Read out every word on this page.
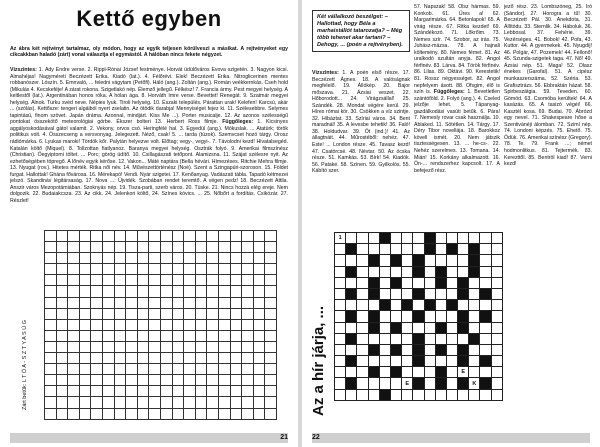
Kettő egyben
Az ábra két rejtvényt tartalmaz, oly módon, hogy az egyik teljesen körülveszi a másikat. A rejtvényeket egy cikcakkban haladó (zárt) vonal választja el egymástól. A hálóban nincs fekete négyzet.
Vízszintes: 1. Ády Endre verse. 2. Rippl-Rónai József festménye. Horvát üdülőváros Évova szigetén. 3. Nagyon kicsi. Almahéjas! Nagyméreti Beczézett Erika. Kiadó (lat.). 4. Félőrévi. Elek! Beczézett Erika. Nitroglicerinen mentes robbanószer. Lószín. 5. Emnvaló, ... feledni vágytam (Petőfi). Háló (ang.). Zoltán (ang.). Román veékkernkás. Cseh hold (Mikulás 4. Kecskeféje! A zárat rokona. Szigetlakó nép. Élemző jellegű. Félkész! 7. Francia ármy. Pest megyei helység. A keltlestől (lat.). Argentinában honos róka. A hólan ága. 8. Horváth Imre verse. Bevettet! Renegát. 9. Szatmár megyei helység. Álnok. Turku svéd neve. Népies lyuk. Tiroli helység. 10. Északi település. Párattan urak! Kelefen! Karcsú, akár ... (szólás). Kettősze: tengeri algáiból nyert zselatin. Az ötödik darabja! Mennyiséget fejez ki. 11. Szélesebbre. Selymes tapintású, finom szövet. Japán dráma. Azonnal, mindjárt. Kiss Me ...). Porter musicalje. 12. Az azonos szélességű pontokat összekötő meteorológiai görbe. Ékszer bolteri 13. Herbert Ross filmje. Függőleges: 1. Kicsinyes aggályoskodásával gátol valamit. 2. Vekony, orvos csó. Heringfélé hal. 3. Egyedül (ang.). Mókuslak. ... Atatürk; török politikus volt. 4. Összecseng a versvonyag. Jelegezett. Néző, csak! 5. ... tarda (túzok). Szemvcset hozó tárgy. Orosz rádiómárka. 6. Lyukas maroki! Tördök kőr. Palytán helyezve volt. Előtag; vegy-, vegyi-. 7. Távolodni kezd! Hivatalsegéd. Katalán költő (Miquel). 8. Tollzottan fiatlyanoz. Baranya megyei helység. Osztrák folyó. 9. Amerikai filmszínész (Christian). Őegyiptomi töltet. ... Porc; görög üdítő. 10. Csillagászati tetőpont. Alamizsna. 11. Szájat szélesre nyit. Az ezhetőségében töpregő. A lőnév egyik kérőse. 12. Vakon... Máté naptára (Bella hévári. Hímezéses. Ritchie Mehra filmje. 13. Nyugat (rov.). Hitetes mérték. Ritka női név. 14. Művészettörténész (Noé). Szent a Szingapúri-szoroson. 15. Földet furgat. Hallottak! Ghána fővárosa. 16. Mérekapó! Vendi. Nyár szigetei. 17. Kenőanyag. Vadászati tábla. Tapadó kétmezei jelszó. Skandináv légitársaság. 17. Nova ...: Újvidék. Szobában rendet teremtő. A végen pedz! 18. Beczézett Attila. Anszir város Mezopotámiában. Szoknyás nép. 19. Tisza-parti, szerb város. 20. Tüske. 21. Nincs hozzá elég ereje. Nem dolgozik. 22. Budaiakcsza. 23. Az cikk. 24. Jelenkori költő, 24. Színes kóvics. ... 25. Nőbőrt a fordítás. Csikózár. 27. Részlet!
Zárt betűk: L T Ó A - S Z T Y A S Ú G

21
Két vállalkozó beszélget: – Hallottad, hogy Béla a marhaistállót tatarozatja? – Még több tehenet akar tartani? – Dehogy, ... (poén a rejtvényben).
Vízszintes: 1. A poén első része. 17. Beczézett Ágnes. 18. A valóságnak megfelelő. 19. Állókép. 20. Bajor mőszava. 21. Ázsiai veszet. 22. Hőborodott... 24. Virágzsállal! 25. Szándék. 28. Mondat végére kerül. 29. Híres római kör. 30. Csökken a víz szintje. 32. Híbáztat. 33. Szíriai város. 34. Bent maradnál! 35. A levesbe tehetik! 36. Faló! 38. Holdudvar. 39. Öt (ind.)! 41. Az állagtnáit. 44. Műrostéből: nehéz. 47. Este! ... London része. 45. Tavasz kezd! 47. Csatórcsé. 48. Névtar. 50. Az ócska része. 51. Kamkás. 53. Bírk! 54. Kiadók. 56. Pataké. 58. Színen. 59. Gyilkolós. 55. Kábító szer.
57. Napszak! 58. Olsz hármas. 59. Konkob. 61. Üres a! 62. Margarimárka. 64. Betonlapok! 65. A virág része. 67. Ritka kezdet! 69. Szándékozó. 71. Lőkrőim. 73. Nemes szír. 74. Szobor, az irás. 75. Juhász-mázsa. 78. A hajnali költemény. 80. Nemes fémet. 81. Az uralkodó szultán anyja. 82. Angol férfinév. 83. Lárva. 84. Török férfinév. 86. Lilas. 89. Oktávi. 90. Kerestetik! 81. Rossz négyességet. 82. Angol nepfelyem ásott. 88. Ofsgim, élő is szín is. Függőleges: 1. Bevetletlen szántóföld. 2. Folyó (ang.). 4. Cseled jelzője lehet. 5. Tápanyag-gazdálkodási vasúti betűk. 6. Pára! 7. Nemesly rovar csak használja. 10. Ablaked. 11. Sötétlen. 14. Tárgy. 17. Déry Tibor novellája. 18. Barokkoz kövell ismét. 20. Nem játszik tisztességesen. 13. ... he-cs-. 22. Nehéz szerelmes. 13. Tomana. 14. Mián! 15. Korkány alkalmazott. 16. Ön-... rendszerhez kapcsolt. 17. A befejező rész.
jező rész. 23. Lombszóneg, 25. Író (Sándor). 27. Horogra a tű! 30. Beczézett Pál. 30. Anekdota. 31. Állítódu. 33. Sternlik. 34. Háboluk. 36. Lebbosal. 37. Fehérie. 39. Vezérséges. 41. Bobok! 42. Pofa, 43. Kuttor. 44. A gyermekek. 45. Nyugdíj! 46. Polgár, 47. Pozemek! 44. Fellonő! 45. Szunda-szigetek taga. 47. Nő! 49. Ázsiai nép. 51. Maga! 52. Olasz énekes (Garofal). 51. A cipész munkaszerszáma. 52. Széria. 53. Grafisztrázs. 56. Ebbraktán házat. 58. Spirbeszátgia. 59. Teveden. 60. Gömöd. 63. Csomóba kerültek! 64. A kasázás. 65. A tasizó végéi! 66. Kasztél kosa. 69. Budai. 70. Ábrózd egy nevel. 71. Shakespeare hőse a Szentivánéji álomban. 72. Sziml nép. 74. Londoni képzés. 75. Ehető. 75. Ödük. 76. Amerikai színész (Gregory). 78. Te. 79. Frank ...; német hodmonlitkus. 81. Tejtermék. 83. Kerezttől. 85. Bentröl kiad! 87. Verni kezd!
Az a hír járja, ...
1														

											E			
						E						K		

22
